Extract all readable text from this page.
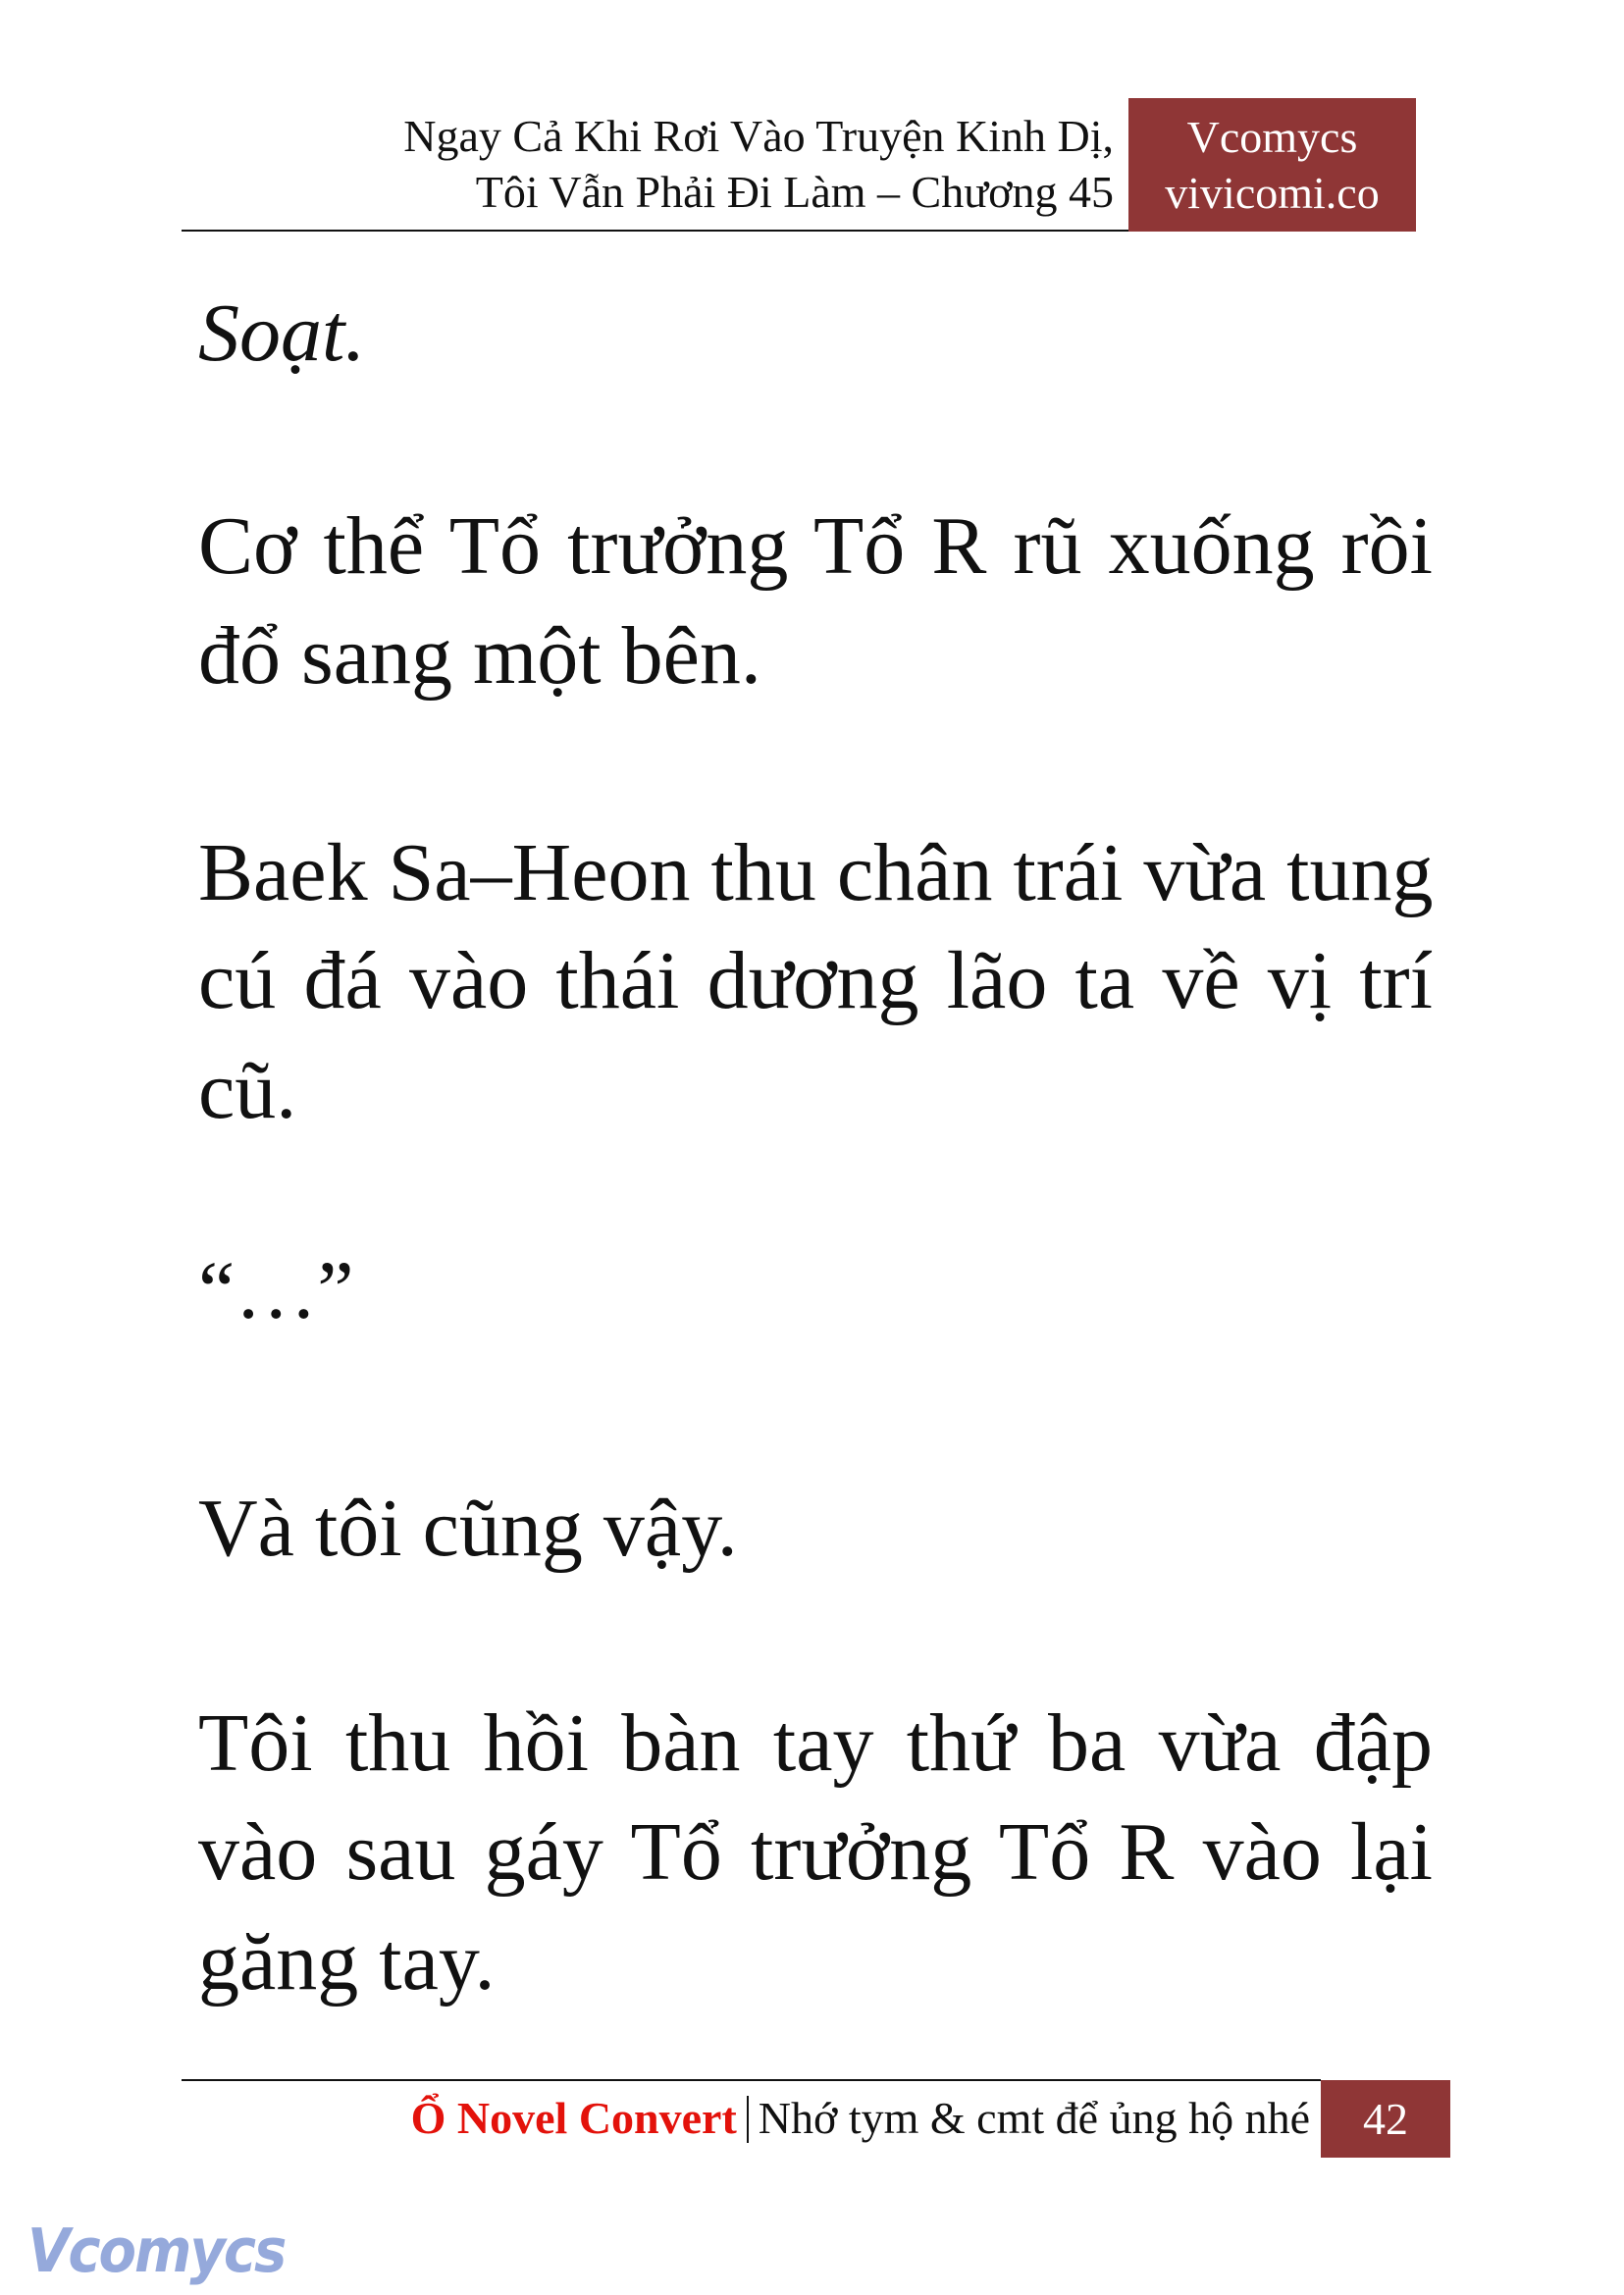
Ngay Cả Khi Rơi Vào Truyện Kinh Dị,
Tôi Vẫn Phải Đi Làm – Chương 45
Vcomycs
vivicomi.co
Soạt.
Cơ thể Tổ trưởng Tổ R rũ xuống rồi
đổ sang một bên.
Baek Sa–Heon thu chân trái vừa tung
cú đá vào thái dương lão ta về vị trí
cũ.
“…”
Và tôi cũng vậy.
Tôi thu hồi bàn tay thứ ba vừa đập
vào sau gáy Tổ trưởng Tổ R vào lại
găng tay.
Ổ Novel Convert Nhớ tym & cmt để ủng hộ nhé	42
Vcomycs
